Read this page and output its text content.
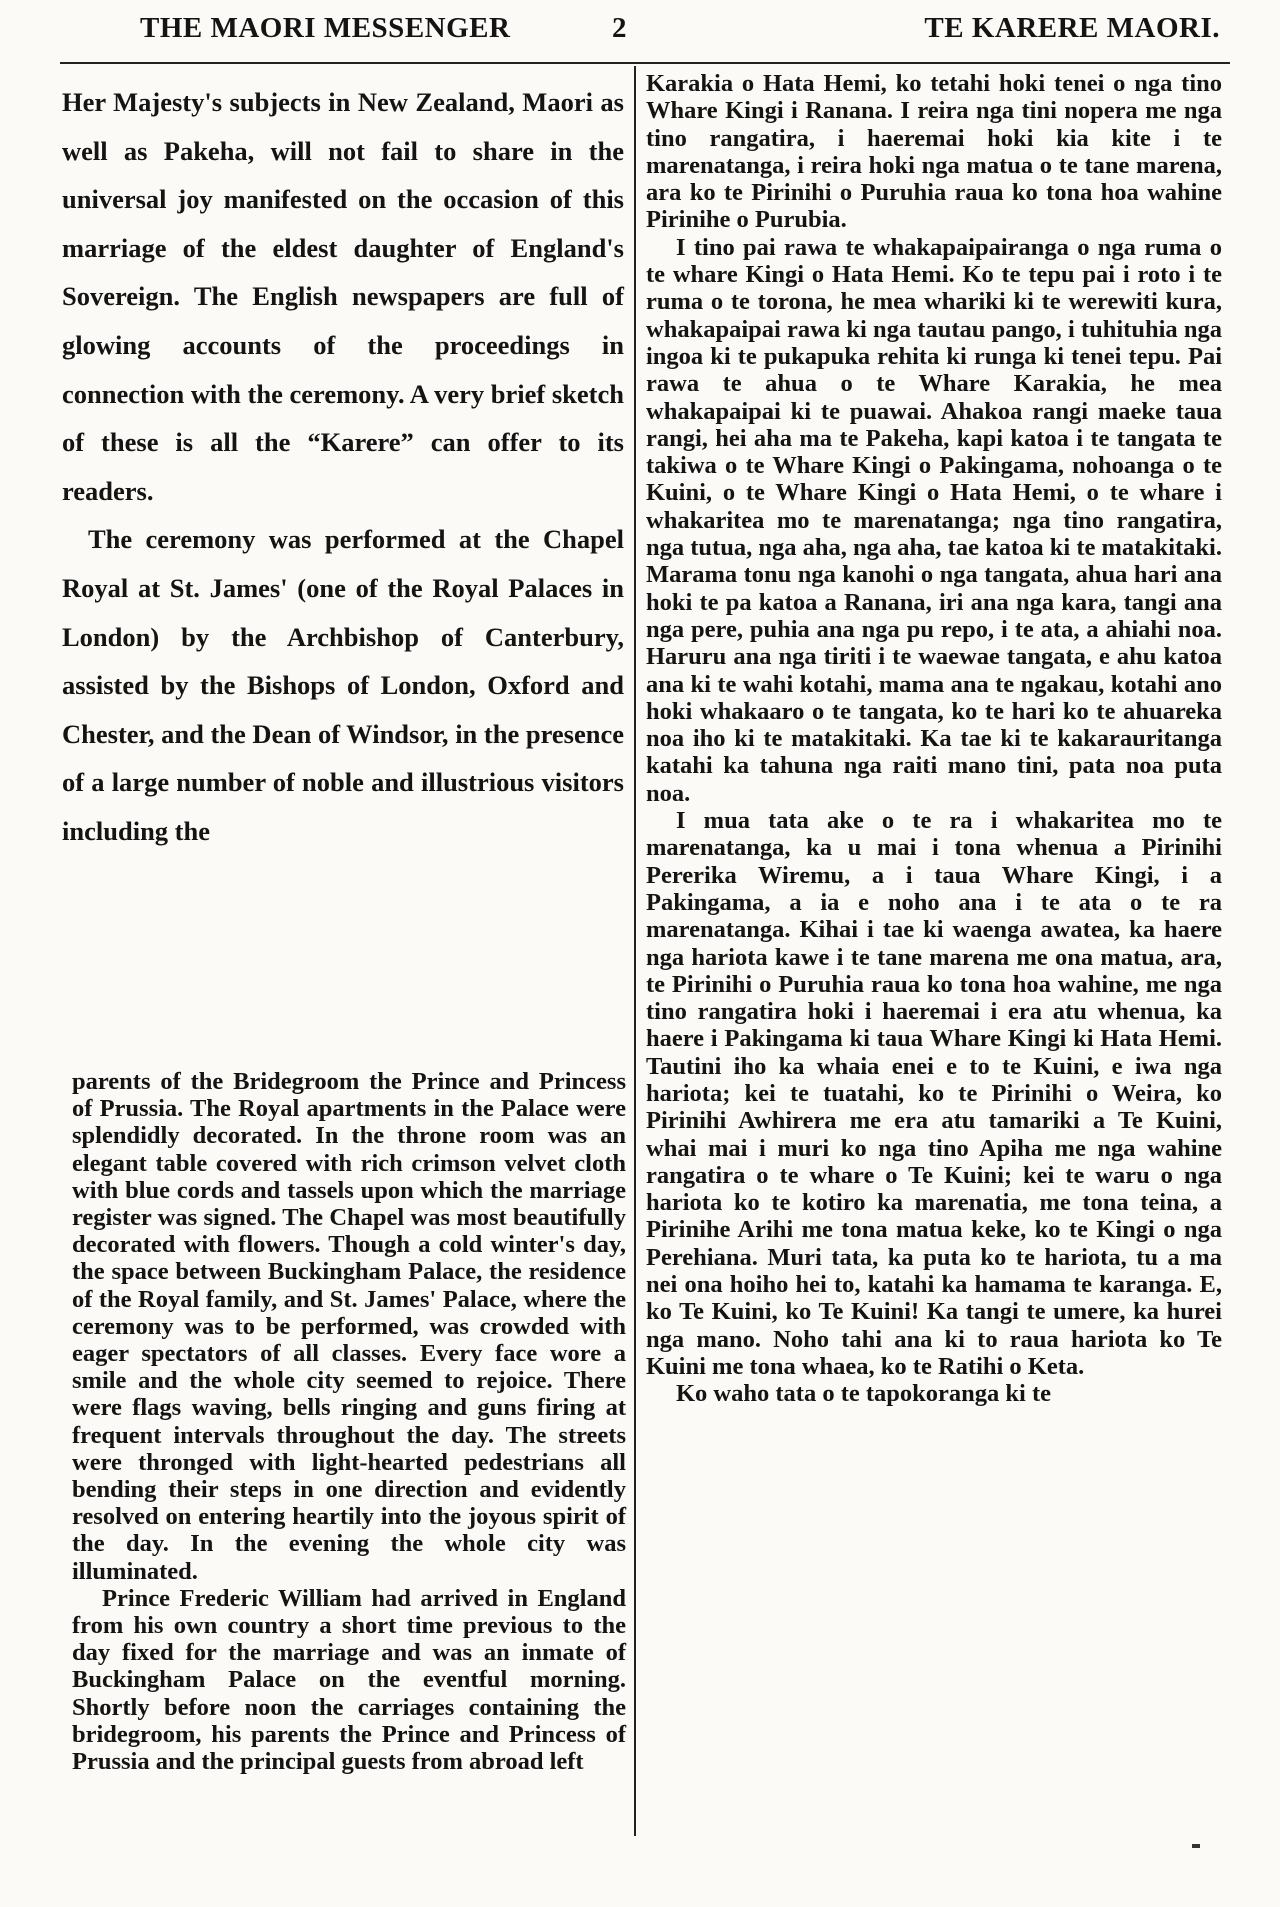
THE MAORI MESSENGER	2	TE KARERE MAORI.

Her Majesty's subjects in New Zealand, Maori as well as Pakeha, will not fail to share in the universal joy manifested on the occasion of this marriage of the eldest daughter of England's Sovereign. The English newspapers are full of glowing accounts of the proceedings in connection with the ceremony. A very brief sketch of these is all the “Karere” can offer to its readers.

The ceremony was performed at the Chapel Royal at St. James' (one of the Royal Palaces in London) by the Archbishop of Canterbury, assisted by the Bishops of London, Oxford and Chester, and the Dean of Windsor, in the presence of a large number of noble and illustrious visitors including the

parents of the Bridegroom the Prince and Princess of Prussia. The Royal apartments in the Palace were splendidly decorated. In the throne room was an elegant table covered with rich crimson velvet cloth with blue cords and tassels upon which the marriage register was signed. The Chapel was most beautifully decorated with flowers. Though a cold winter's day, the space between Buckingham Palace, the residence of the Royal family, and St. James' Palace, where the ceremony was to be performed, was crowded with eager spectators of all classes. Every face wore a smile and the whole city seemed to rejoice. There were flags waving, bells ringing and guns firing at frequent intervals throughout the day. The streets were thronged with light-hearted pedestrians all bending their steps in one direction and evidently resolved on entering heartily into the joyous spirit of the day. In the evening the whole city was illuminated.

Prince Frederic William had arrived in England from his own country a short time previous to the day fixed for the marriage and was an inmate of Buckingham Palace on the eventful morning. Shortly before noon the carriages containing the bridegroom, his parents the Prince and Princess of Prussia and the principal guests from abroad left

Karakia o Hata Hemi, ko tetahi hoki tenei o nga tino Whare Kingi i Ranana. I reira nga tini nopera me nga tino rangatira, i haeremai hoki kia kite i te marenatanga, i reira hoki nga matua o te tane marena, ara ko te Pirinihi o Puruhia raua ko tona hoa wahine Pirinihe o Purubia.

I tino pai rawa te whakapaipairanga o nga ruma o te whare Kingi o Hata Hemi. Ko te tepu pai i roto i te ruma o te torona, he mea whariki ki te werewiti kura, whakapaipai rawa ki nga tautau pango, i tuhituhia nga ingoa ki te pukapuka rehita ki runga ki tenei tepu. Pai rawa te ahua o te Whare Karakia, he mea whakapaipai ki te puawai. Ahakoa rangi maeke taua rangi, hei aha ma te Pakeha, kapi katoa i te tangata te takiwa o te Whare Kingi o Pakingama, nohoanga o te Kuini, o te Whare Kingi o Hata Hemi, o te whare i whakaritea mo te marenatanga; nga tino rangatira, nga tutua, nga aha, nga aha, tae katoa ki te matakitaki. Marama tonu nga kanohi o nga tangata, ahua hari ana hoki te pa katoa a Ranana, iri ana nga kara, tangi ana nga pere, puhia ana nga pu repo, i te ata, a ahiahi noa. Haruru ana nga tiriti i te waewae tangata, e ahu katoa ana ki te wahi kotahi, mama ana te ngakau, kotahi ano hoki whakaaro o te tangata, ko te hari ko te ahuareka noa iho ki te matakitaki. Ka tae ki te kakarauritanga katahi ka tahuna nga raiti mano tini, pata noa puta noa.

I mua tata ake o te ra i whakaritea mo te marenatanga, ka u mai i tona whenua a Pirinihi Pererika Wiremu, a i taua Whare Kingi, i a Pakingama, a ia e noho ana i te ata o te ra marenatanga. Kihai i tae ki waenga awatea, ka haere nga hariota kawe i te tane marena me ona matua, ara, te Pirinihi o Puruhia raua ko tona hoa wahine, me nga tino rangatira hoki i haeremai i era atu whenua, ka haere i Pakingama ki taua Whare Kingi ki Hata Hemi. Tautini iho ka whaia enei e to te Kuini, e iwa nga hariota; kei te tuatahi, ko te Pirinihi o Weira, ko Pirinihi Awhirera me era atu tamariki a Te Kuini, whai mai i muri ko nga tino Apiha me nga wahine rangatira o te whare o Te Kuini; kei te waru o nga hariota ko te kotiro ka marenatia, me tona teina, a Pirinihe Arihi me tona matua keke, ko te Kingi o nga Perehiana. Muri tata, ka puta ko te hariota, tu a ma nei ona hoiho hei to, katahi ka hamama te karanga. E, ko Te Kuini, ko Te Kuini! Ka tangi te umere, ka hurei nga mano. Noho tahi ana ki to raua hariota ko Te Kuini me tona whaea, ko te Ratihi o Keta.

Ko waho tata o te tapokoranga ki te
